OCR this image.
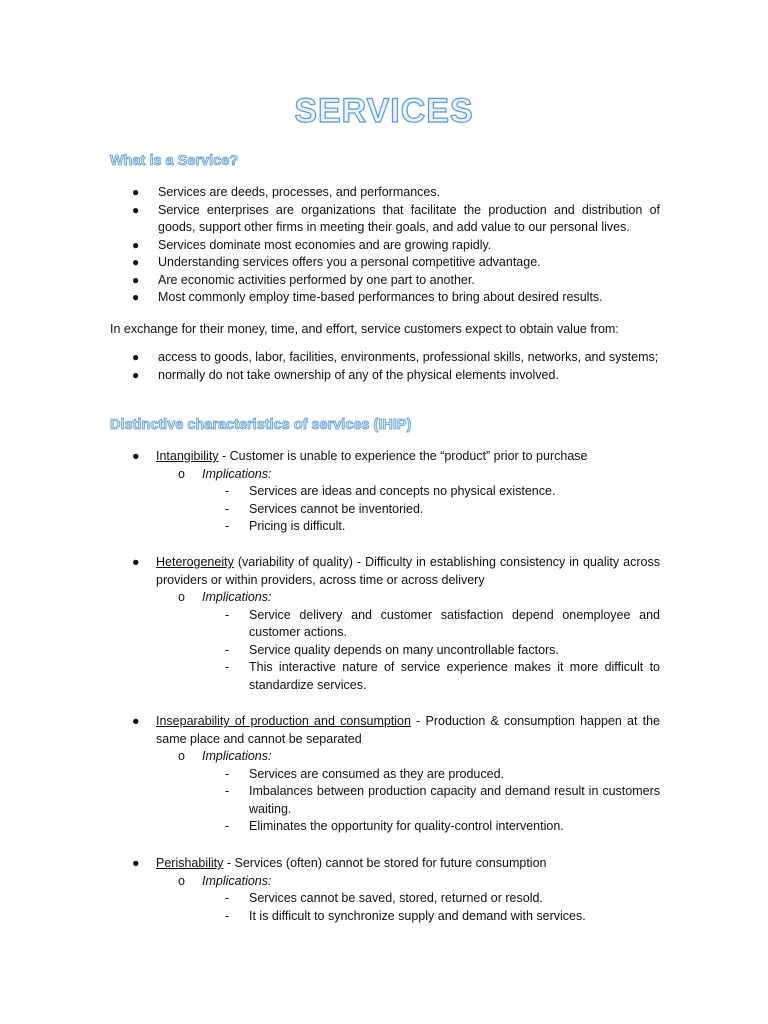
SERVICES
What is a Service?
● Services are deeds, processes, and performances.
● Service enterprises are organizations that facilitate the production and distribution of goods, support other firms in meeting their goals, and add value to our personal lives.
● Services dominate most economies and are growing rapidly.
● Understanding services offers you a personal competitive advantage.
● Are economic activities performed by one part to another.
● Most commonly employ time-based performances to bring about desired results.
In exchange for their money, time, and effort, service customers expect to obtain value from:
● access to goods, labor, facilities, environments, professional skills, networks, and systems;
● normally do not take ownership of any of the physical elements involved.
Distinctive characteristics of services (IHIP)
● Intangibility - Customer is unable to experience the “product” prior to purchase
o Implications:
- Services are ideas and concepts no physical existence.
- Services cannot be inventoried.
- Pricing is difficult.
● Heterogeneity (variability of quality) - Difficulty in establishing consistency in quality across providers or within providers, across time or across delivery
o Implications:
- Service delivery and customer satisfaction depend onemployee and customer actions.
- Service quality depends on many uncontrollable factors.
- This interactive nature of service experience makes it more difficult to standardize services.
● Inseparability of production and consumption - Production & consumption happen at the same place and cannot be separated
o Implications:
- Services are consumed as they are produced.
- Imbalances between production capacity and demand result in customers waiting.
- Eliminates the opportunity for quality-control intervention.
● Perishability - Services (often) cannot be stored for future consumption
o Implications:
- Services cannot be saved, stored, returned or resold.
- It is difficult to synchronize supply and demand with services.
